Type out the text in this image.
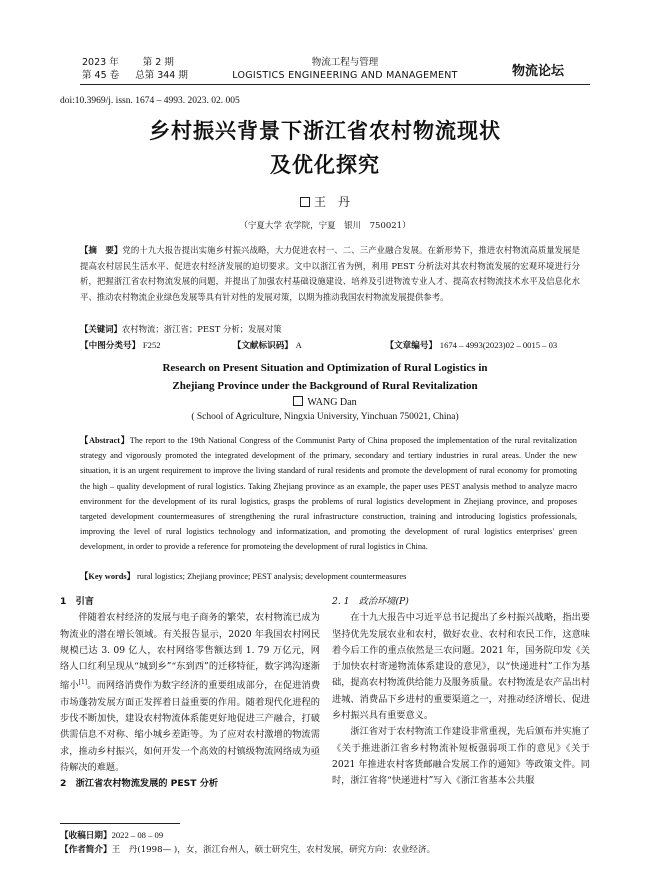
2023 年	第 2 期
第 45 卷 总第 344 期
物流工程与管理
LOGISTICS ENGINEERING AND MANAGEMENT	物流论坛
doi:10.3969/j. issn. 1674 – 4993. 2023. 02. 005
乡村振兴背景下浙江省农村物流现状
及优化探究
王　丹
（宁夏大学 农学院，宁夏　银川　750021）
【摘　要】党的十九大报告提出实施乡村振兴战略，大力促进农村一、二、三产业融合发展。在新形势下，推进农村物流高质量发展是提高农村居民生活水平、促进农村经济发展的迫切要求。文中以浙江省为例，利用 PEST 分析法对其农村物流发展的宏观环境进行分析，把握浙江省农村物流发展的问题，并提出了加强农村基础设施建设、培养及引进物流专业人才、提高农村物流技术水平及信息化水平、推动农村物流企业绿色发展等具有针对性的发展对策，以期为推动我国农村物流发展提供参考。
【关键词】农村物流；浙江省；PEST 分析；发展对策
【中图分类号】 F252	【文献标识码】 A	【文章编号】 1674 – 4993(2023)02 – 0015 – 03
Research on Present Situation and Optimization of Rural Logistics in
Zhejiang Province under the Background of Rural Revitalization
WANG Dan
( School of Agriculture, Ningxia University, Yinchuan 750021, China)
【Abstract】The report to the 19th National Congress of the Communist Party of China proposed the implementation of the rural revitalization strategy and vigorously promoted the integrated development of the primary, secondary and tertiary industries in rural areas. Under the new situation, it is an urgent requirement to improve the living standard of rural residents and promote the development of rural economy for promoting the high – quality development of rural logistics. Taking Zhejiang province as an example, the paper uses PEST analysis method to analyze macro environment for the development of its rural logistics, grasps the problems of rural logistics development in Zhejiang province, and proposes targeted development countermeasures of strengthening the rural infrastructure construction, training and introducing logistics professionals, improving the level of rural logistics technology and informatization, and promoting the development of rural logistics enterprises' green development, in order to provide a reference for promoteing the development of rural logistics in China.
【Key words】 rural logistics; Zhejiang province; PEST analysis; development countermeasures
1　引言

伴随着农村经济的发展与电子商务的繁荣，农村物流已成为物流业的潜在增长领域。有关报告显示，2020 年我国农村网民规模已达 3. 09 亿人，农村网络零售额达到 1. 79 万亿元，网络人口红利呈现从“城到乡”“东到西”的迁移特征，数字鸿沟逐渐缩小[1]。而网络消费作为数字经济的重要组成部分，在促进消费市场蓬勃发展方面正发挥着日益重要的作用。随着现代化进程的步伐不断加快，建设农村物流体系能更好地促进三产融合，打破供需信息不对称、缩小城乡差距等。为了应对农村激增的物流需求，推动乡村振兴，如何开发一个高效的村镇级物流网络成为亟待解决的难题。

2　浙江省农村物流发展的 PEST 分析
2. 1　政治环境(P)

在十九大报告中习近平总书记提出了乡村振兴战略，指出要坚持优先发展农业和农村，做好农业、农村和农民工作，这意味着今后工作的重点依然是三农问题。2021 年，国务院印发《关于加快农村寄递物流体系建设的意见》，以“快递进村”工作为基础，提高农村物流供给能力及服务质量。农村物流是农产品出村进城、消费品下乡进村的重要渠道之一，对推动经济增长、促进乡村振兴具有重要意义。

浙江省对于农村物流工作建设非常重视，先后颁布并实施了《关于推进浙江省乡村物流补短板强弱项工作的意见》《关于 2021 年推进农村客货邮融合发展工作的通知》等政策文件。同时，浙江省将“快递进村”写入《浙江省基本公共服

【收稿日期】2022 – 08 – 09
【作者简介】王　丹(1998— )，女，浙江台州人，硕士研究生，农村发展，研究方向：农业经济。
